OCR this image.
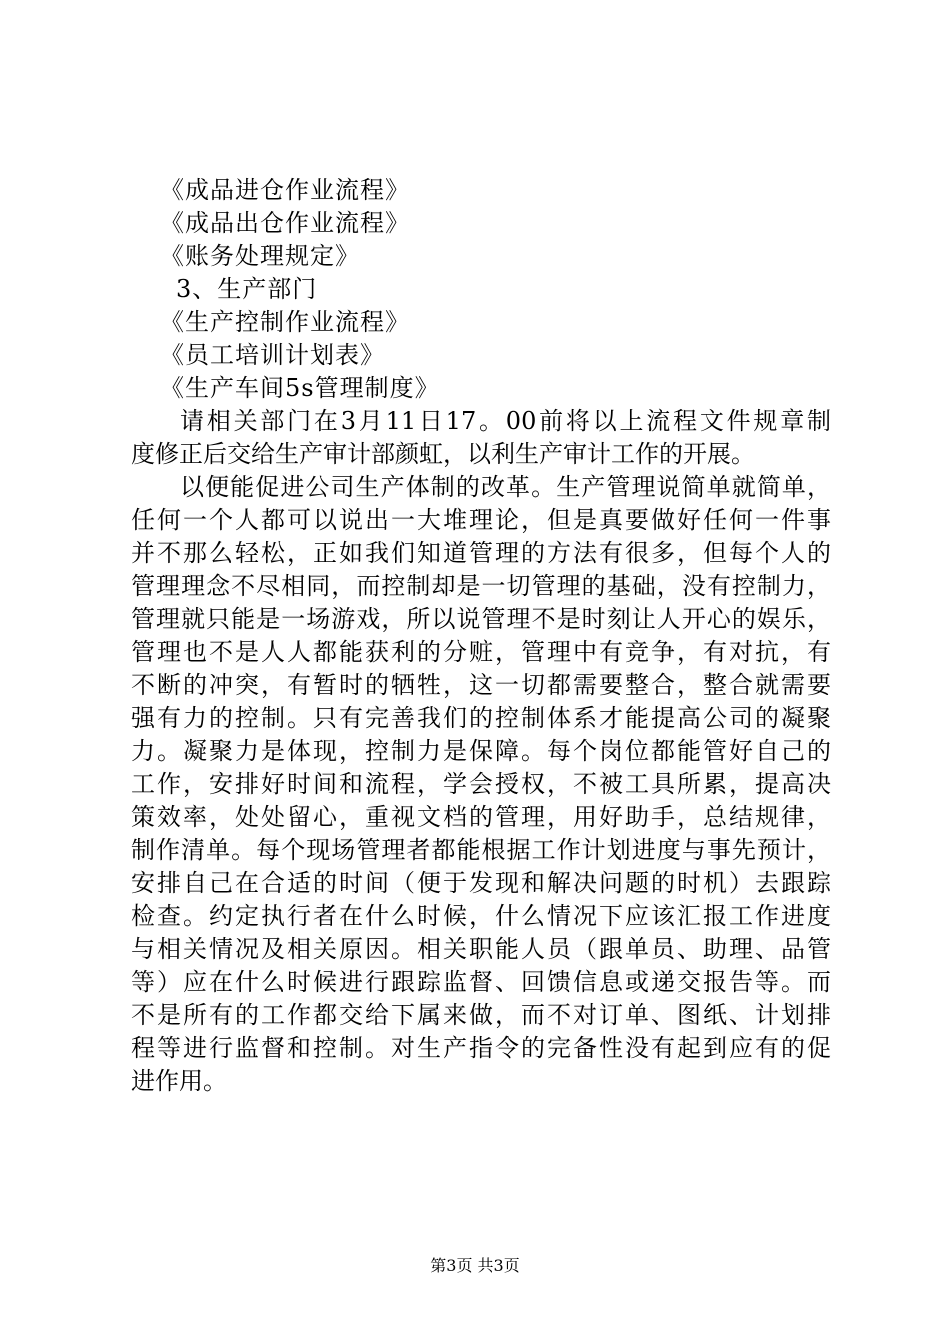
《成品进仓作业流程》
《成品出仓作业流程》
《账务处理规定》
3、生产部门
《生产控制作业流程》
《员工培训计划表》
《生产车间5s管理制度》
请相关部门在3月11日17。00前将以上流程文件规章制
度修正后交给生产审计部颜虹，以利生产审计工作的开展。
以便能促进公司生产体制的改革。生产管理说简单就简单，
任何一个人都可以说出一大堆理论，但是真要做好任何一件事
并不那么轻松，正如我们知道管理的方法有很多，但每个人的
管理理念不尽相同，而控制却是一切管理的基础，没有控制力，
管理就只能是一场游戏，所以说管理不是时刻让人开心的娱乐，
管理也不是人人都能获利的分赃，管理中有竞争，有对抗，有
不断的冲突，有暂时的牺牲，这一切都需要整合，整合就需要
强有力的控制。只有完善我们的控制体系才能提高公司的凝聚
力。凝聚力是体现，控制力是保障。每个岗位都能管好自己的
工作，安排好时间和流程，学会授权，不被工具所累，提高决
策效率，处处留心，重视文档的管理，用好助手，总结规律，
制作清单。每个现场管理者都能根据工作计划进度与事先预计，
安排自己在合适的时间（便于发现和解决问题的时机）去跟踪
检查。约定执行者在什么时候，什么情况下应该汇报工作进度
与相关情况及相关原因。相关职能人员（跟单员、助理、品管
等）应在什么时候进行跟踪监督、回馈信息或递交报告等。而
不是所有的工作都交给下属来做，而不对订单、图纸、计划排
程等进行监督和控制。对生产指令的完备性没有起到应有的促
进作用。
第3页 共3页
